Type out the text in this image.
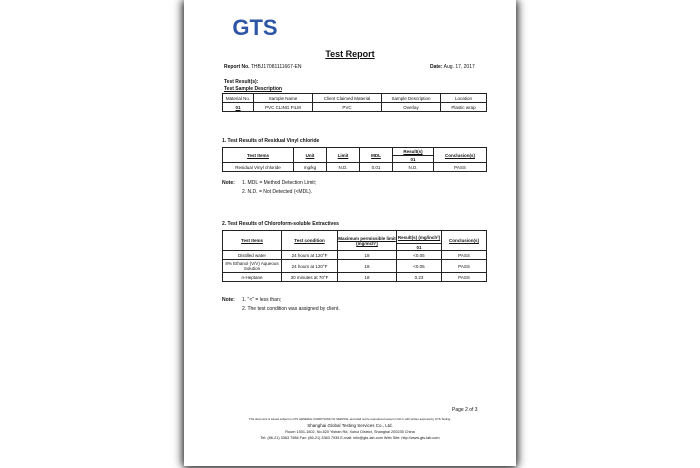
GTS
Test Report
Report No. THBJ17081111667-EN	Date: Aug. 17, 2017
Test Result(s):
Test Sample Description
Material No.	Sample Name	Client Claimed Material	Sample Description	Location
01	PVC CLING FILM	PVC	Overlay	Plastic wrap
1. Test Results of Residual Vinyl chloride
Test Items	Unit	Limit	MDL	Result(s)	Conclusion(s)
				01	
Residual Vinyl chloride	mg/kg	N.D.	0.01	N.D.	PASS
Note: 1. MDL = Method Detection Limit;
2. N.D. = Not Detected (<MDL).
2. Test Results of Chloroform-soluble Extractives
Test Items	Test condition	Maximum permissible limit (mg/inch²)	Result(s) (mg/inch²)	Conclusion(s)
			01	
Distilled water	24 hours at 120°F	18	<0.05	PASS
8% Ethanol (V/V) Aqueous Solution	24 hours at 120°F	18	<0.05	PASS
n-Heptane	30 minutes at 70°F	18	0.23	PASS
Note: 1. "<" = less than;
2. The test condition was assigned by client.
Page 2 of 3
This document is issued subject to GTS GENERAL CONDITIONS OF SERVICE, and shall not be reproduced except in full or with written approval by GTS Testing.
Shanghai Global Testing Services Co., Ltd.
Room 1501-1502, No.520 Yishan Rd, Xuhui District, Shanghai 200235 China
Tel: (86-21) 3363 7986 Fax: (86-21) 3363 7935 E-mail: info@gts-lab.com Web Site: http://www.gts-lab.com
